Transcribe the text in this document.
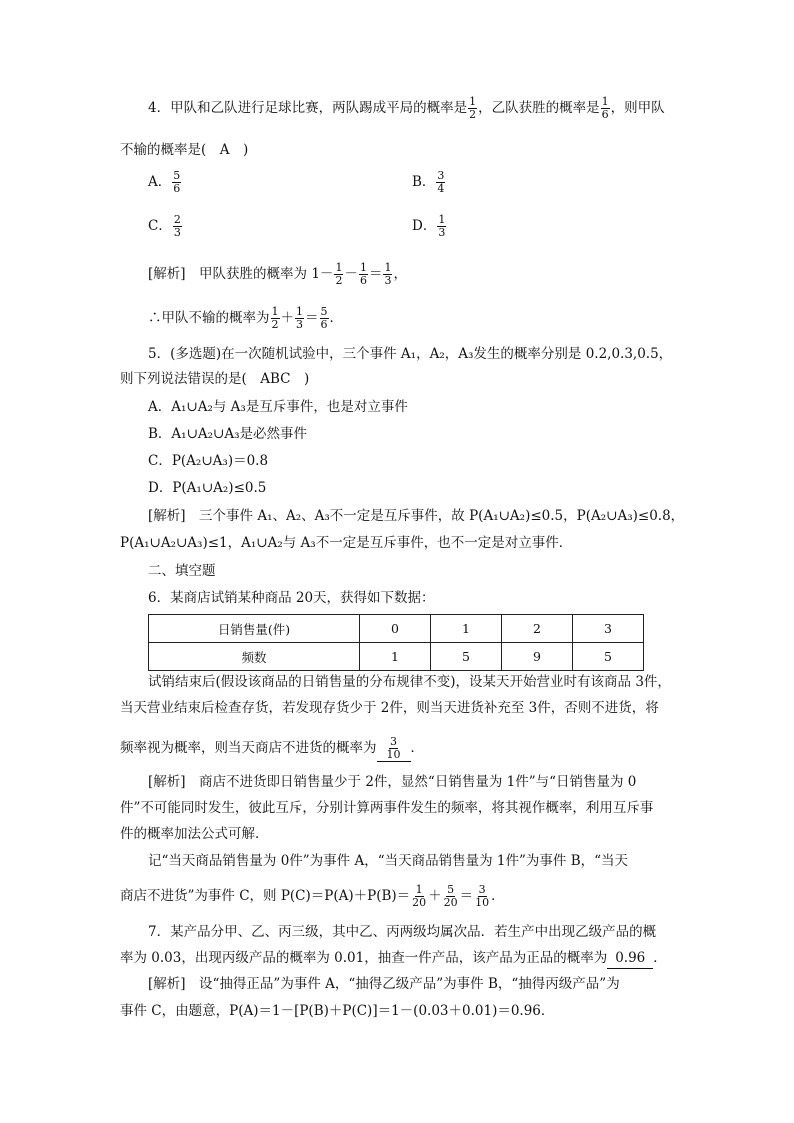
4．甲队和乙队进行足球比赛，两队踢成平局的概率是 $\frac{1}{2}$ ，乙队获胜的概率是 $\frac{1}{6}$ ，则甲队
不输的概率是(　A　)
A． $\frac{5}{6}$	B． $\frac{3}{4}$
C． $\frac{2}{3}$	D． $\frac{1}{3}$
[解析]　 甲队获胜的概率为 $1- \frac{1}{2} - \frac{1}{6} = \frac{1}{3}$ ，
∴甲队不输的概率为 $\frac{1}{2} + \frac{1}{3} = \frac{5}{6}$ ．
5．(多选题)在一次随机试验中，三个事件 A₁，A₂，A₃发生的概率分别是 0.2,0.3,0.5，
则下列说法错误的是(　ABC　)
A．A₁∪A₂与 A₃是互斥事件，也是对立事件
B．A₁∪A₂∪A₃是必然事件
C．P(A₂∪A₃)＝0.8
D．P(A₁∪A₂)≤0.5
[解析]　三个事件 A₁、A₂、A₃不一定是互斥事件，故 P(A₁∪A₂)≤0.5，P(A₂∪A₃)≤0.8，
P(A₁∪A₂∪A₃)≤1，A₁∪A₂与 A₃不一定是互斥事件，也不一定是对立事件．
二、填空题
6．某商店试销某种商品 20天，获得如下数据：
日销售量(件)	0	1	2	3
频数	1	5	9	5
试销结束后(假设该商品的日销售量的分布规律不变)，设某天开始营业时有该商品 3件，
当天营业结束后检查存货，若发现存货少于 2件，则当天进货补充至 3件，否则不进货，将
频率视为概率，则当天商店不进货的概率为 $\frac{3}{10}$ ．
[解析]　商店不进货即日销售量少于 2件，显然“日销售量为 1件”与“日销售量为 0
件”不可能同时发生，彼此互斥，分别计算两事件发生的频率，将其视作概率，利用互斥事
件的概率加法公式可解．
记“当天商品销售量为 0件”为事件 A，“当天商品销售量为 1件”为事件 B，“当天
商店不进货”为事件 C，则 $P(C)=P(A)+P(B)= \frac{1}{20} + \frac{5}{20} = \frac{3}{10}$ ．
7．某产品分甲、乙、丙三级，其中乙、丙两级均属次品．若生产中出现乙级产品的概
率为 0.03，出现丙级产品的概率为 0.01，抽查一件产品，该产品为正品的概率为 0.96 ．
[解析]　设“抽得正品”为事件 A，“抽得乙级产品”为事件 B，“抽得丙级产品”为
事件 C，由题意，P(A)＝1－[P(B)＋P(C)]＝1－(0.03＋0.01)＝0.96．
